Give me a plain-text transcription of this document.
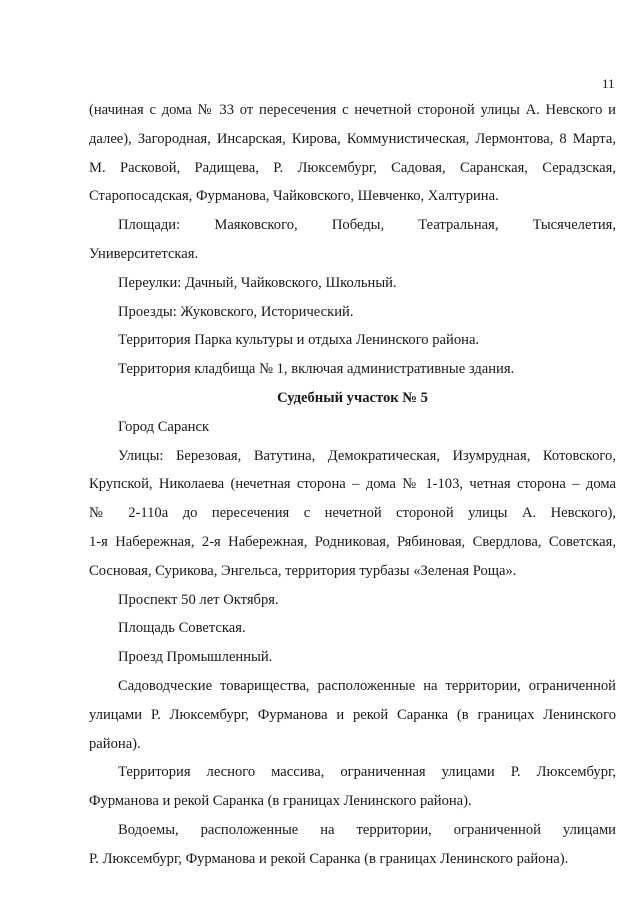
11
(начиная с дома № 33 от пересечения с нечетной стороной улицы А. Невского и
далее), Загородная, Инсарская, Кирова, Коммунистическая, Лермонтова, 8 Марта,
М. Расковой, Радищева, Р. Люксембург, Садовая, Саранская, Серадзская,
Старопосадская, Фурманова, Чайковского, Шевченко, Халтурина.
Площади: Маяковского, Победы, Театральная, Тысячелетия,
Университетская.
Переулки: Дачный, Чайковского, Школьный.
Проезды: Жуковского, Исторический.
Территория Парка культуры и отдыха Ленинского района.
Территория кладбища № 1, включая административные здания.

Судебный участок № 5

Город Саранск
Улицы: Березовая, Ватутина, Демократическая, Изумрудная, Котовского,
Крупской, Николаева (нечетная сторона – дома № 1-103, четная сторона – дома
№ 2-110а до пересечения с нечетной стороной улицы А. Невского),
1-я Набережная, 2-я Набережная, Родниковая, Рябиновая, Свердлова, Советская,
Сосновая, Сурикова, Энгельса, территория турбазы «Зеленая Роща».
Проспект 50 лет Октября.
Площадь Советская.
Проезд Промышленный.
Садоводческие товарищества, расположенные на территории, ограниченной
улицами Р. Люксембург, Фурманова и рекой Саранка (в границах Ленинского
района).
Территория лесного массива, ограниченная улицами Р. Люксембург,
Фурманова и рекой Саранка (в границах Ленинского района).
Водоемы, расположенные на территории, ограниченной улицами
Р. Люксембург, Фурманова и рекой Саранка (в границах Ленинского района).
